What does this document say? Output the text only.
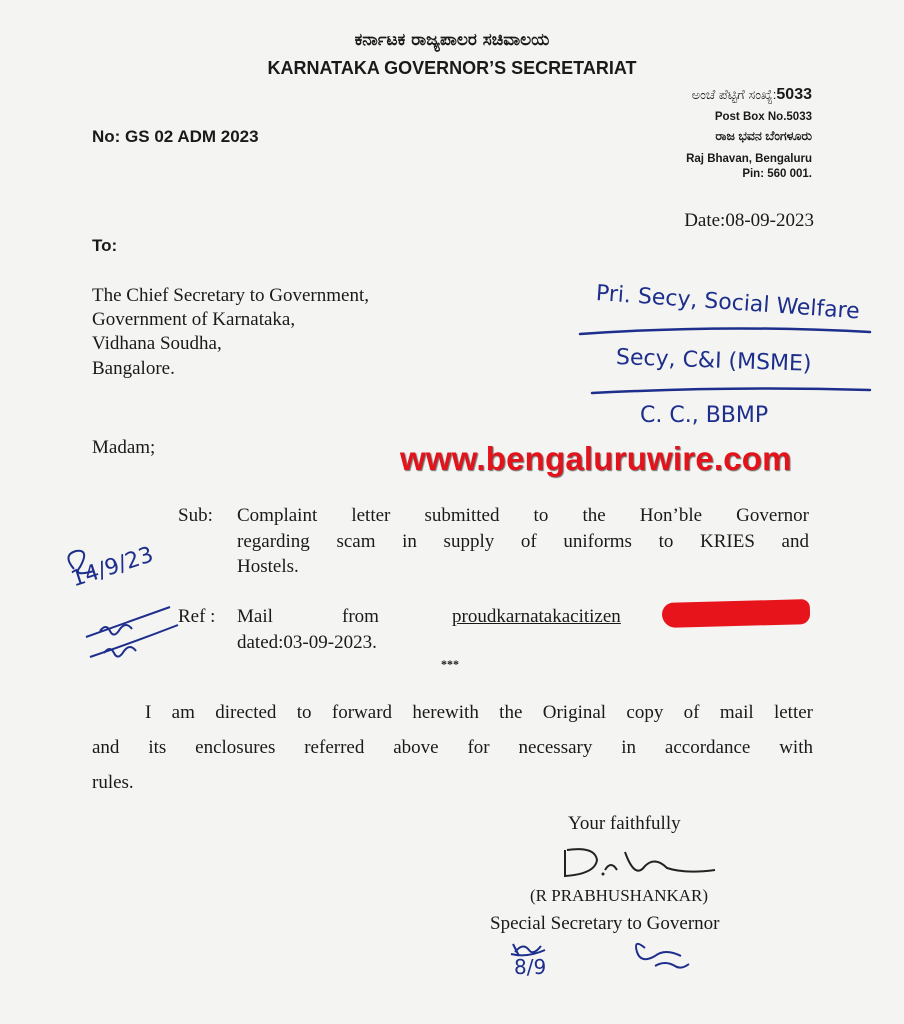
ಕರ್ನಾಟಕ ರಾಜ್ಯಪಾಲರ ಸಚಿವಾಲಯ
KARNATAKA GOVERNOR’S SECRETARIAT
No: GS 02 ADM 2023
ಅಂಚೆ ಪೆಟ್ಟಿಗೆ ಸಂಖ್ಯೆ:5033
Post Box No.5033
ರಾಜ ಭವನ ಬೆಂಗಳೂರು
Raj Bhavan, Bengaluru
Pin: 560 001.
Date:08-09-2023
To:
The Chief Secretary to Government,
Government of Karnataka,
Vidhana Soudha,
Bangalore.
Pri. Secy, Social Welfare
Secy, C&I (MSME)
C. C., BBMP
Madam;	www.bengaluruwire.com
Sub: Complaint letter submitted to the Hon’ble Governor
regarding scam in supply of uniforms to KRIES and
Hostels.
14/9/23
Ref : Mail	from	proudkarnatakacitizen
dated:03-09-2023.
***
I am directed to forward herewith the Original copy of mail letter
and its enclosures referred above for necessary in accordance with
rules.
Your faithfully
(R PRABHUSHANKAR)
Special Secretary to Governor
8/9
